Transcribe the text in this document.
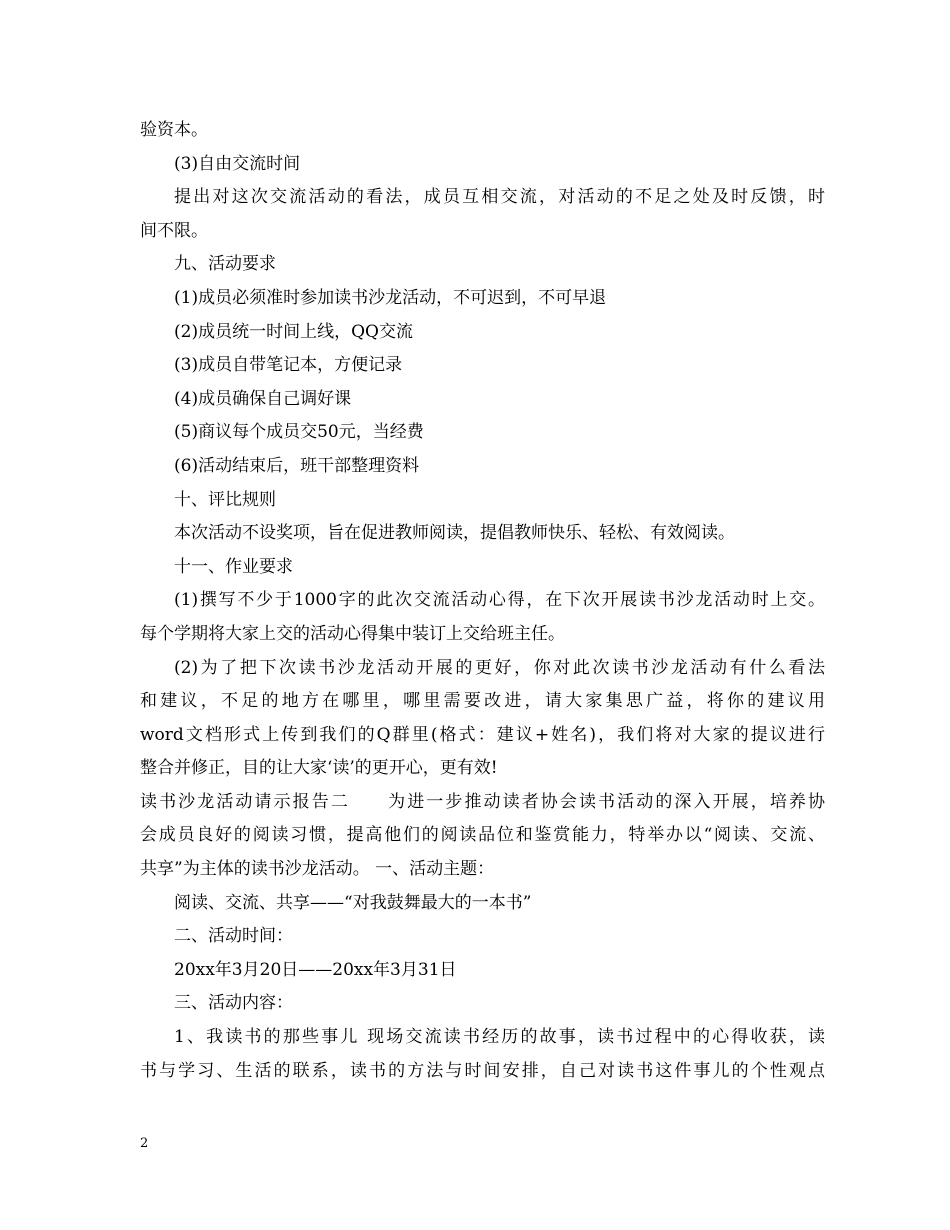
验资本。
(3)自由交流时间
提出对这次交流活动的看法，成员互相交流，对活动的不足之处及时反馈，时
间不限。
九、活动要求
(1)成员必须准时参加读书沙龙活动，不可迟到，不可早退
(2)成员统一时间上线，QQ交流
(3)成员自带笔记本，方便记录
(4)成员确保自己调好课
(5)商议每个成员交50元，当经费
(6)活动结束后，班干部整理资料
十、评比规则
本次活动不设奖项，旨在促进教师阅读，提倡教师快乐、轻松、有效阅读。
十一、作业要求
(1)撰写不少于1000字的此次交流活动心得，在下次开展读书沙龙活动时上交。
每个学期将大家上交的活动心得集中装订上交给班主任。
(2)为了把下次读书沙龙活动开展的更好，你对此次读书沙龙活动有什么看法
和建议，不足的地方在哪里，哪里需要改进，请大家集思广益，将你的建议用
word文档形式上传到我们的Q群里(格式：建议+姓名)，我们将对大家的提议进行
整合并修正，目的让大家‘读’的更开心，更有效!
读书沙龙活动请示报告二　　为进一步推动读者协会读书活动的深入开展，培养协
会成员良好的阅读习惯，提高他们的阅读品位和鉴赏能力，特举办以“阅读、交流、
共享”为主体的读书沙龙活动。 一、活动主题：
阅读、交流、共享——“对我鼓舞最大的一本书”
二、活动时间：
20xx年3月20日——20xx年3月31日
三、活动内容：
1、我读书的那些事儿 现场交流读书经历的故事，读书过程中的心得收获，读
书与学习、生活的联系，读书的方法与时间安排，自己对读书这件事儿的个性观点
2
